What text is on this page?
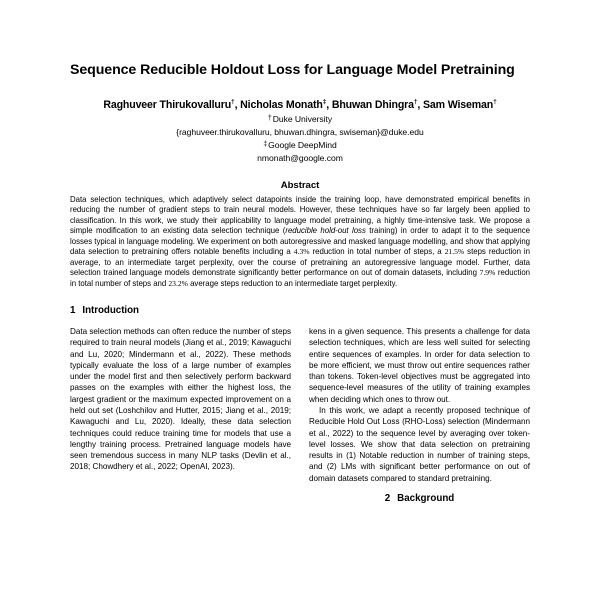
Sequence Reducible Holdout Loss for Language Model Pretraining
Raghuveer Thirukovalluru†, Nicholas Monath‡, Bhuwan Dhingra†, Sam Wiseman†
†Duke University
{raghuveer.thirukovalluru, bhuwan.dhingra, swiseman}@duke.edu
‡Google DeepMind
nmonath@google.com
Abstract
Data selection techniques, which adaptively select datapoints inside the training loop, have demonstrated empirical benefits in reducing the number of gradient steps to train neural models. However, these techniques have so far largely been applied to classification. In this work, we study their applicability to language model pretraining, a highly time-intensive task. We propose a simple modification to an existing data selection technique (reducible hold-out loss training) in order to adapt it to the sequence losses typical in language modeling. We experiment on both autoregressive and masked language modelling, and show that applying data selection to pretraining offers notable benefits including a 4.3% reduction in total number of steps, a 21.5% steps reduction in average, to an intermediate target perplexity, over the course of pretraining an autoregressive language model. Further, data selection trained language models demonstrate significantly better performance on out of domain datasets, including 7.9% reduction in total number of steps and 23.2% average steps reduction to an intermediate target perplexity.
1 Introduction

Data selection methods can often reduce the number of steps required to train neural models (Jiang et al., 2019; Kawaguchi and Lu, 2020; Mindermann et al., 2022). These methods typically evaluate the loss of a large number of examples under the model first and then selectively perform backward passes on the examples with either the highest loss, the largest gradient or the maximum expected improvement on a held out set (Loshchilov and Hutter, 2015; Jiang et al., 2019; Kawaguchi and Lu, 2020). Ideally, these data selection techniques could reduce training time for models that use a lengthy training process. Pretrained language models have seen tremendous success in many NLP tasks (Devlin et al., 2018; Chowdhery et al., 2022; OpenAI, 2023).

kens in a given sequence. This presents a challenge for data selection techniques, which are less well suited for selecting entire sequences of examples. In order for data selection to be more efficient, we must throw out entire sequences rather than tokens. Token-level objectives must be aggregated into sequence-level measures of the utility of training examples when deciding which ones to throw out.

In this work, we adapt a recently proposed technique of Reducible Hold Out Loss (RHO-Loss) selection (Mindermann et al., 2022) to the sequence level by averaging over token-level losses. We show that data selection on pretraining results in (1) Notable reduction in number of training steps, and (2) LMs with significant better performance on out of domain datasets compared to standard pretraining.

2 Background
